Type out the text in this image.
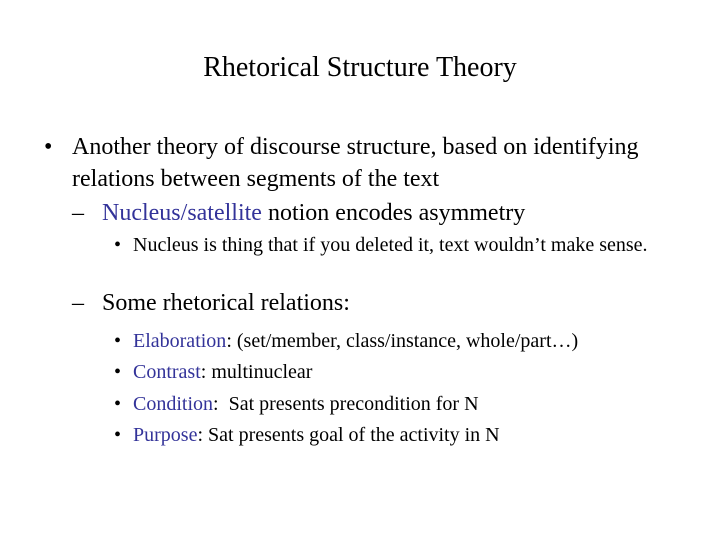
Rhetorical Structure Theory
• Another theory of discourse structure, based on identifying relations between segments of the text
– Nucleus/satellite notion encodes asymmetry
• Nucleus is thing that if you deleted it, text wouldn’t make sense.
– Some rhetorical relations:
• Elaboration: (set/member, class/instance, whole/part…)
• Contrast: multinuclear
• Condition:  Sat presents precondition for N
• Purpose: Sat presents goal of the activity in N
